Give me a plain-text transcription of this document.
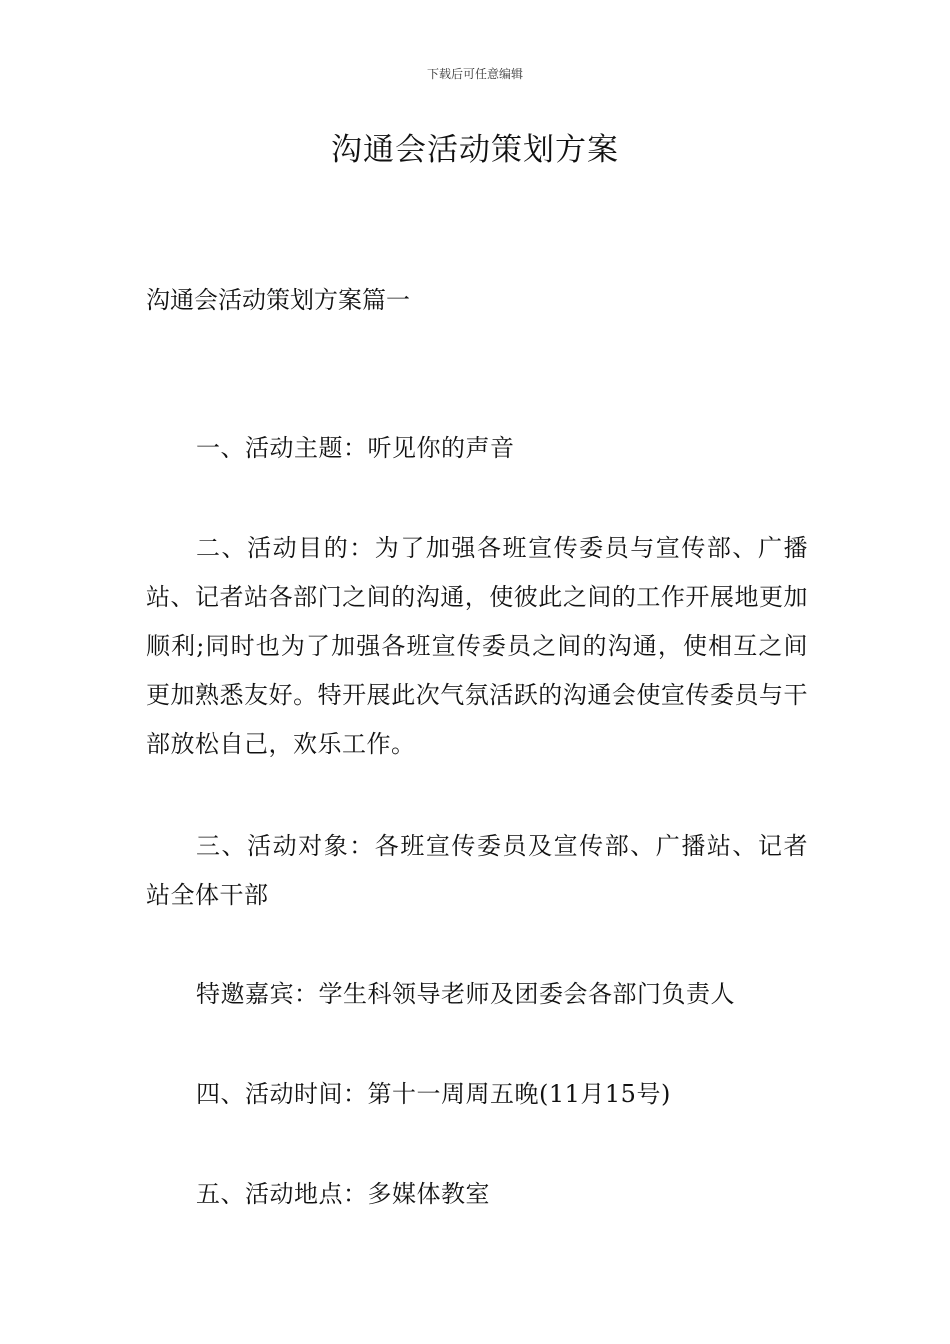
下载后可任意编辑
沟通会活动策划方案

沟通会活动策划方案篇一

一、活动主题：听见你的声音

二、活动目的：为了加强各班宣传委员与宣传部、广播站、记者站各部门之间的沟通，使彼此之间的工作开展地更加顺利;同时也为了加强各班宣传委员之间的沟通，使相互之间更加熟悉友好。特开展此次气氛活跃的沟通会使宣传委员与干部放松自己，欢乐工作。

三、活动对象：各班宣传委员及宣传部、广播站、记者站全体干部

特邀嘉宾：学生科领导老师及团委会各部门负责人

四、活动时间：第十一周周五晚(11月15号)

五、活动地点：多媒体教室
